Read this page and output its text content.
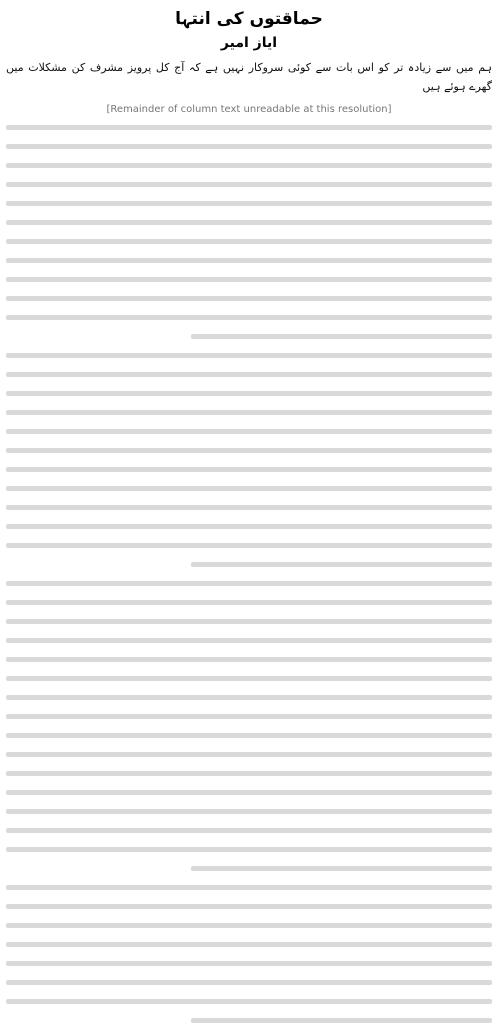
حماقتوں کی انتہا
ایاز امیر

ہم میں سے زیادہ تر کو اس بات سے کوئی سروکار نہیں ہے کہ آج کل پرویز مشرف کن مشکلات میں گھرے ہوئے ہیں

[Remainder of column text unreadable at this resolution]
